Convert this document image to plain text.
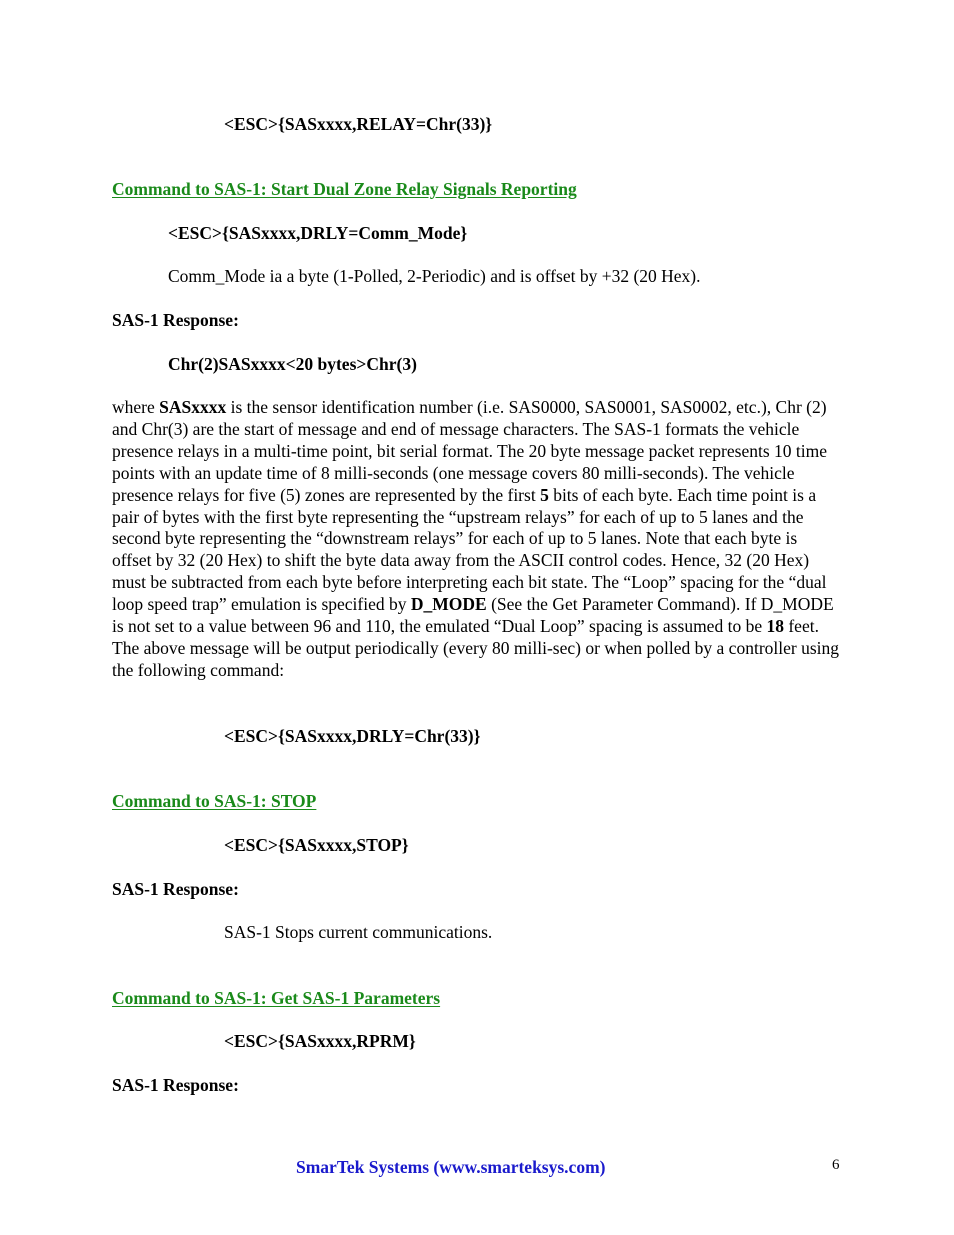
<ESC>{SASxxxx,RELAY=Chr(33)}
Command to SAS-1: Start Dual Zone Relay Signals Reporting
<ESC>{SASxxxx,DRLY=Comm_Mode}
Comm_Mode ia a byte (1-Polled, 2-Periodic) and is offset by +32 (20 Hex).
SAS-1 Response:
Chr(2)SASxxxx<20 bytes>Chr(3)
where SASxxxx is the sensor identification number (i.e. SAS0000, SAS0001, SAS0002, etc.), Chr (2) and Chr(3) are the start of message and end of message characters. The SAS-1 formats the vehicle presence relays in a multi-time point, bit serial format. The 20 byte message packet represents 10 time points with an update time of 8 milli-seconds (one message covers 80 milli-seconds). The vehicle presence relays for five (5) zones are represented by the first 5 bits of each byte. Each time point is a pair of bytes with the first byte representing the “upstream relays” for each of up to 5 lanes and the second byte representing the “downstream relays” for each of up to 5 lanes. Note that each byte is offset by 32 (20 Hex) to shift the byte data away from the ASCII control codes. Hence, 32 (20 Hex) must be subtracted from each byte before interpreting each bit state. The “Loop” spacing for the “dual loop speed trap” emulation is specified by D_MODE (See the Get Parameter Command). If D_MODE is not set to a value between 96 and 110, the emulated “Dual Loop” spacing is assumed to be 18 feet. The above message will be output periodically (every 80 milli-sec) or when polled by a controller using the following command:
<ESC>{SASxxxx,DRLY=Chr(33)}
Command to SAS-1: STOP
<ESC>{SASxxxx,STOP}
SAS-1 Response:
SAS-1 Stops current communications.
Command to SAS-1: Get SAS-1 Parameters
<ESC>{SASxxxx,RPRM}
SAS-1 Response:
SmarTek Systems (www.smarteksys.com)	6
